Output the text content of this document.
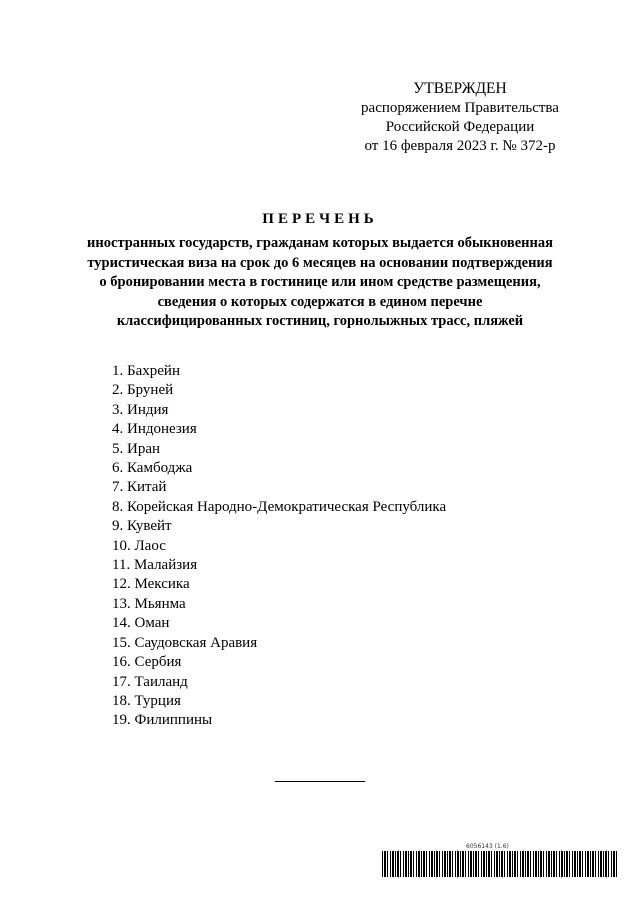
УТВЕРЖДЕН
распоряжением Правительства
Российской Федерации
от 16 февраля 2023 г. № 372-р
ПЕРЕЧЕНЬ
иностранных государств, гражданам которых выдается обыкновенная
туристическая виза на срок до 6 месяцев на основании подтверждения
о бронировании места в гостинице или ином средстве размещения,
сведения о которых содержатся в едином перечне
классифицированных гостиниц, горнолыжных трасс, пляжей
1. Бахрейн
2. Бруней
3. Индия
4. Индонезия
5. Иран
6. Камбоджа
7. Китай
8. Корейская Народно-Демократическая Республика
9. Кувейт
10. Лаос
11. Малайзия
12. Мексика
13. Мьянма
14. Оман
15. Саудовская Аравия
16. Сербия
17. Таиланд
18. Турция
19. Филиппины
6056143 (1.6)
